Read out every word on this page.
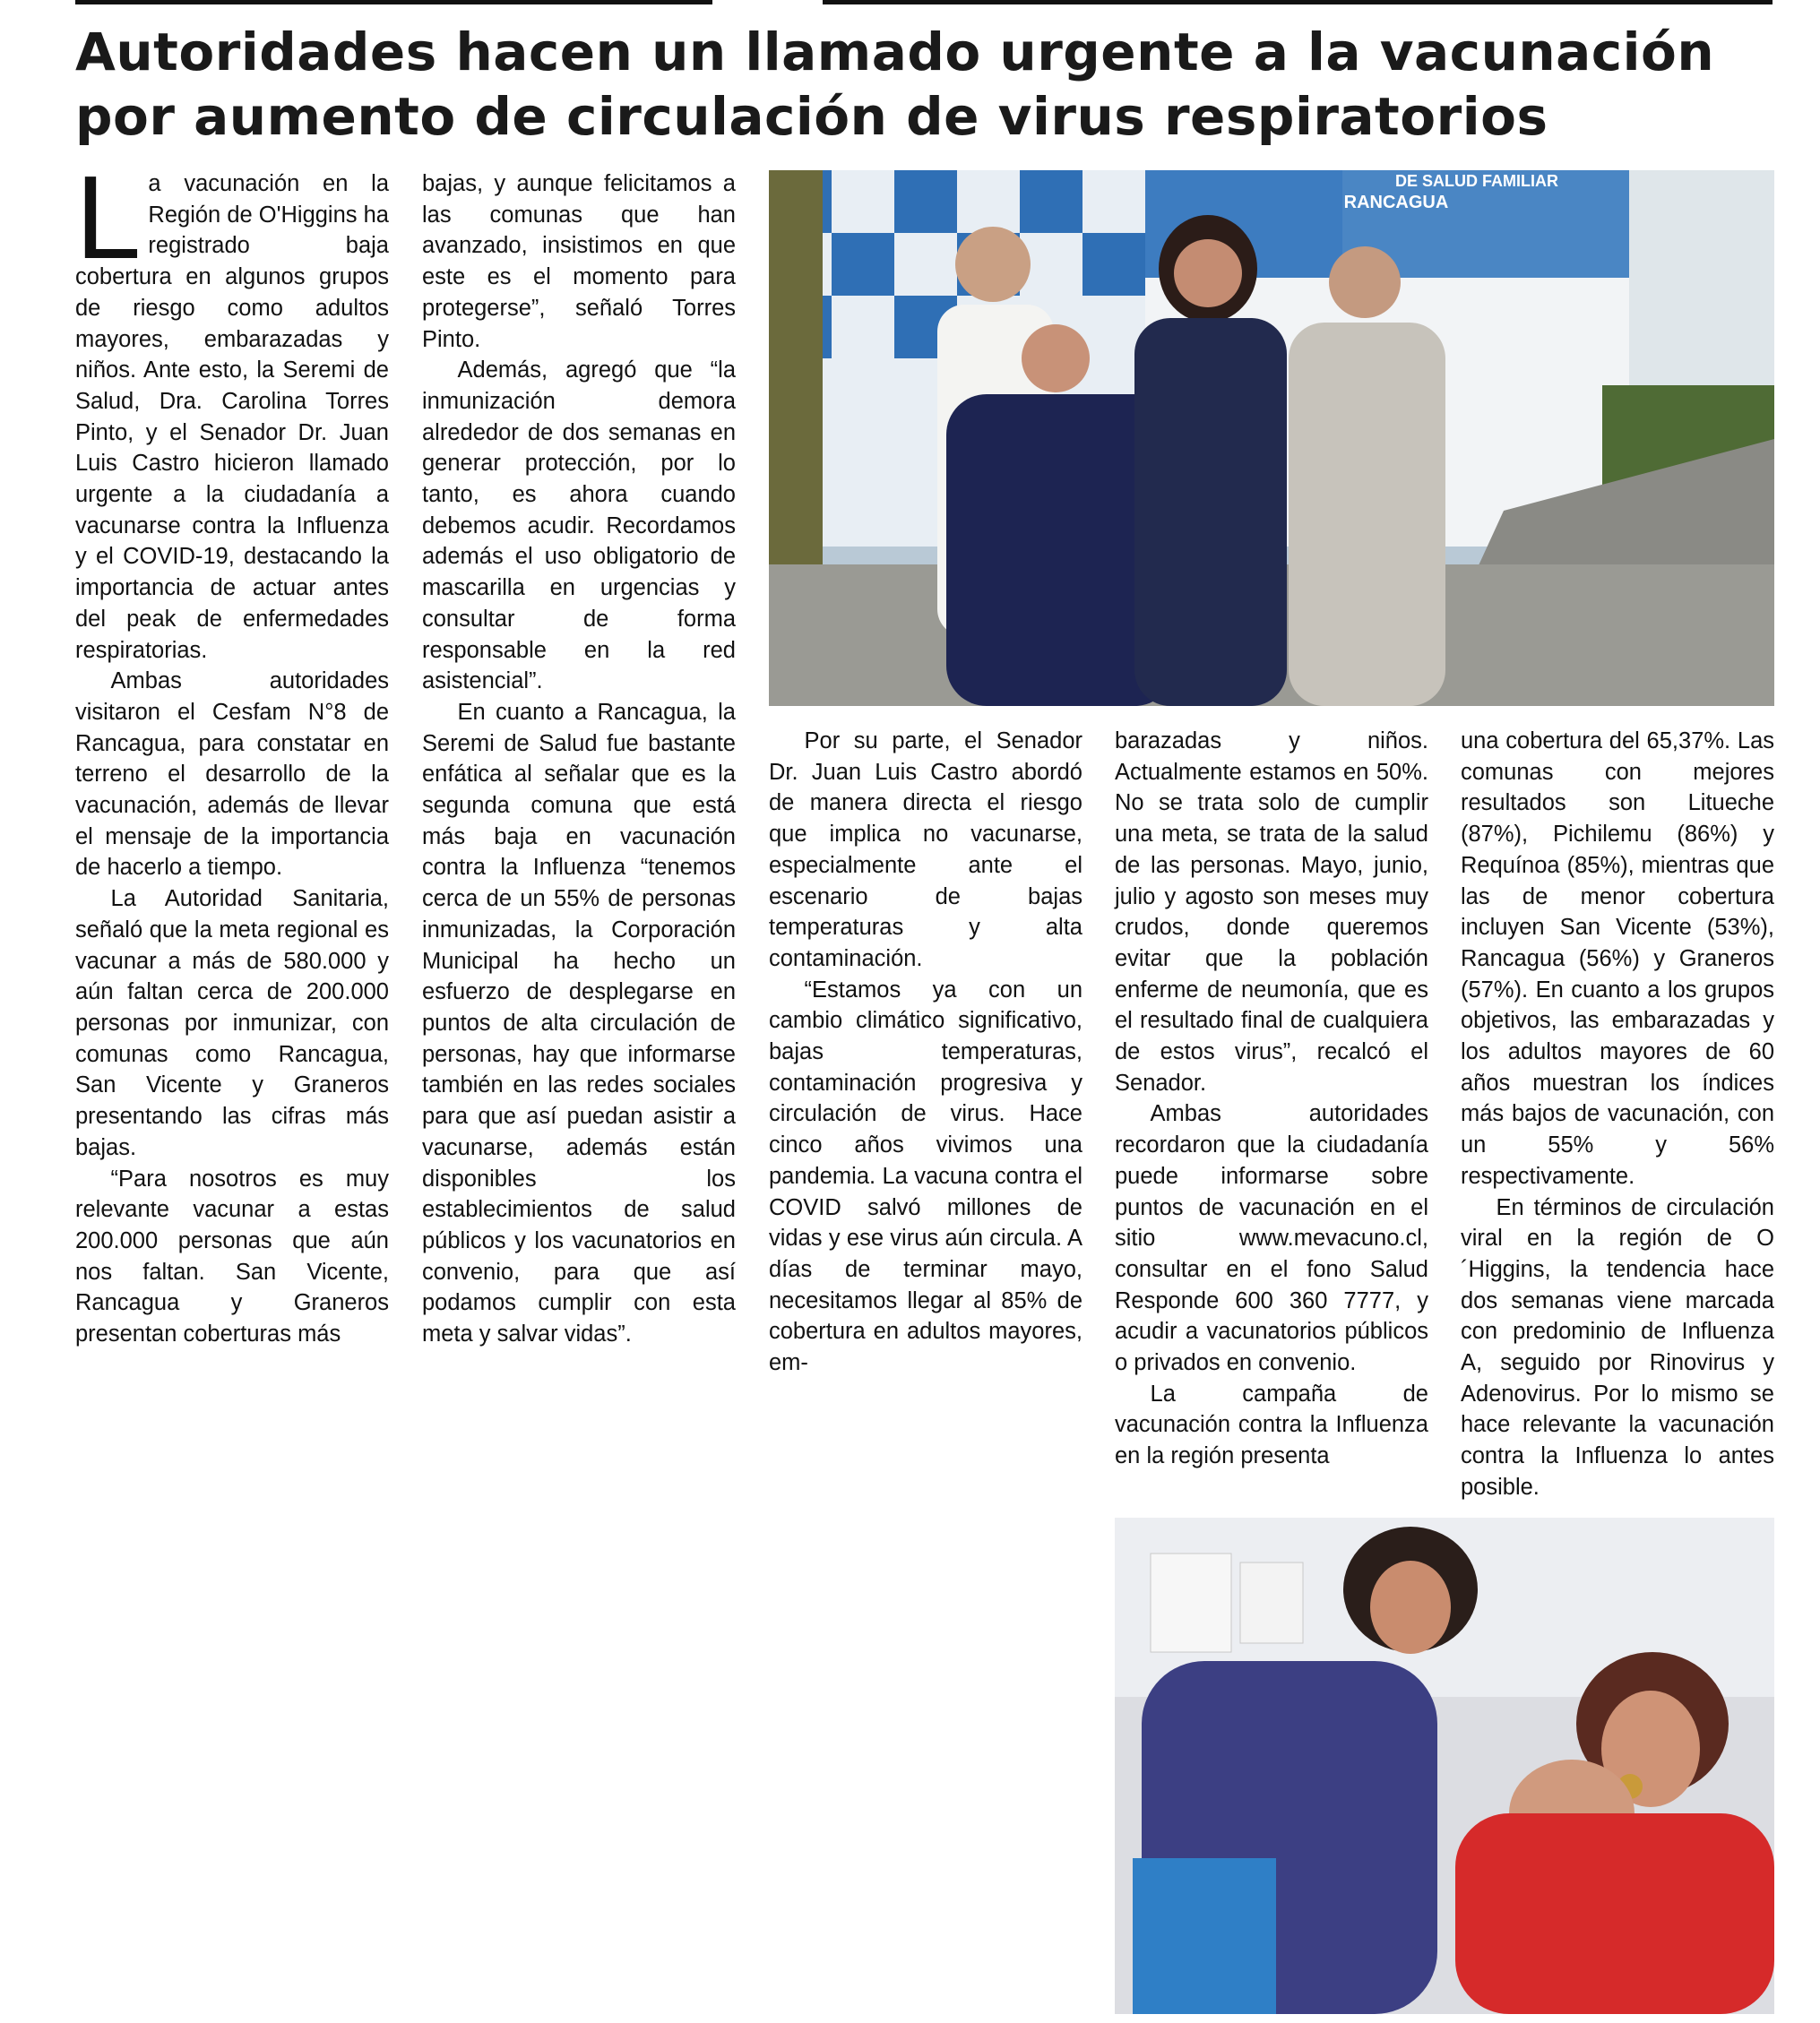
Autoridades hacen un llamado urgente a la vacunación por aumento de circulación de virus respiratorios
L a vacunación en la Región de O'Higgins ha registrado baja cobertura en algunos grupos de riesgo como adultos mayores, embarazadas y niños. Ante esto, la Seremi de Salud, Dra. Carolina Torres Pinto, y el Senador Dr. Juan Luis Castro hicieron llamado urgente a la ciudadanía a vacunarse contra la Influenza y el COVID-19, destacando la importancia de actuar antes del peak de enfermedades respiratorias.

Ambas autoridades visitaron el Cesfam N°8 de Rancagua, para constatar en terreno el desarrollo de la vacunación, además de llevar el mensaje de la importancia de hacerlo a tiempo.

La Autoridad Sanitaria, señaló que la meta regional es vacunar a más de 580.000 y aún faltan cerca de 200.000 personas por inmunizar, con comunas como Rancagua, San Vicente y Graneros presentando las cifras más bajas.

“Para nosotros es muy relevante vacunar a estas 200.000 personas que aún nos faltan. San Vicente, Rancagua y Graneros presentan coberturas más

bajas, y aunque felicitamos a las comunas que han avanzado, insistimos en que este es el momento para protegerse”, señaló Torres Pinto.

Además, agregó que “la inmunización demora alrededor de dos semanas en generar protección, por lo tanto, es ahora cuando debemos acudir. Recordamos además el uso obligatorio de mascarilla en urgencias y consultar de forma responsable en la red asistencial”.

En cuanto a Rancagua, la Seremi de Salud fue bastante enfática al señalar que es la segunda comuna que está más baja en vacunación contra la Influenza “tenemos cerca de un 55% de personas inmunizadas, la Corporación Municipal ha hecho un esfuerzo de desplegarse en puntos de alta circulación de personas, hay que informarse también en las redes sociales para que así puedan asistir a vacunarse, además están disponibles los establecimientos de salud públicos y los vacunatorios en convenio, para que así podamos cumplir con esta meta y salvar vidas”.

DE SALUD FAMILIAR
RANCAGUA

Por su parte, el Senador Dr. Juan Luis Castro abordó de manera directa el riesgo que implica no vacunarse, especialmente ante el escenario de bajas temperaturas y alta contaminación.

“Estamos ya con un cambio climático significativo, bajas temperaturas, contaminación progresiva y circulación de virus. Hace cinco años vivimos una pandemia. La vacuna contra el COVID salvó millones de vidas y ese virus aún circula. A días de terminar mayo, necesitamos llegar al 85% de cobertura en adultos mayores, em-

barazadas y niños. Actualmente estamos en 50%. No se trata solo de cumplir una meta, se trata de la salud de las personas. Mayo, junio, julio y agosto son meses muy crudos, donde queremos evitar que la población enferme de neumonía, que es el resultado final de cualquiera de estos virus”, recalcó el Senador.

Ambas autoridades recordaron que la ciudadanía puede informarse sobre puntos de vacunación en el sitio www.mevacuno.cl, consultar en el fono Salud Responde 600 360 7777, y acudir a vacunatorios públicos o privados en convenio.

La campaña de vacunación contra la Influenza en la región presenta

una cobertura del 65,37%. Las comunas con mejores resultados son Litueche (87%), Pichilemu (86%) y Requínoa (85%), mientras que las de menor cobertura incluyen San Vicente (53%), Rancagua (56%) y Graneros (57%). En cuanto a los grupos objetivos, las embarazadas y los adultos mayores de 60 años muestran los índices más bajos de vacunación, con un 55% y 56% respectivamente.

En términos de circulación viral en la región de O´Higgins, la tendencia hace dos semanas viene marcada con predominio de Influenza A, seguido por Rinovirus y Adenovirus. Por lo mismo se hace relevante la vacunación contra la Influenza lo antes posible.
